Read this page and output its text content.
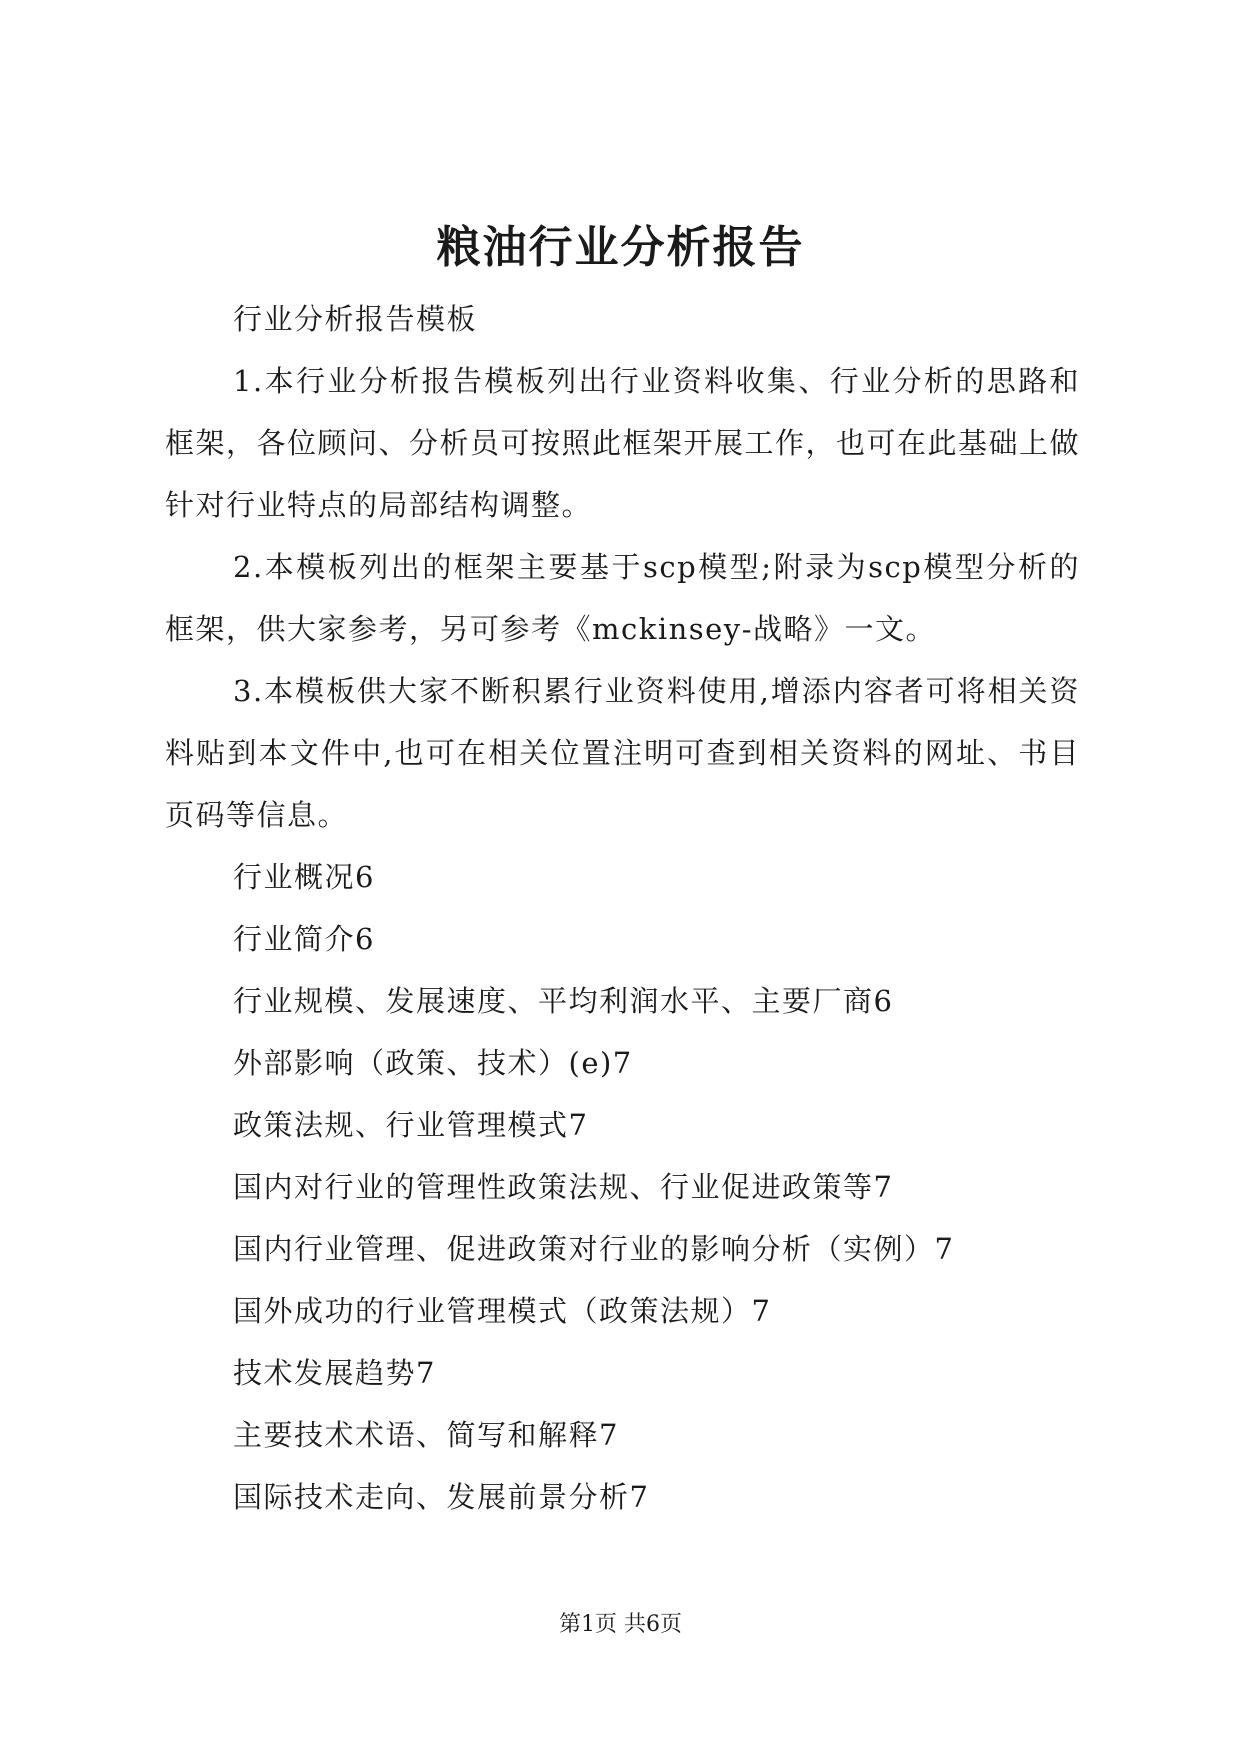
粮油行业分析报告

行业分析报告模板

1.本行业分析报告模板列出行业资料收集、行业分析的思路和框架，各位顾问、分析员可按照此框架开展工作，也可在此基础上做针对行业特点的局部结构调整。

2.本模板列出的框架主要基于scp模型;附录为scp模型分析的框架，供大家参考，另可参考《mckinsey-战略》一文。

3.本模板供大家不断积累行业资料使用,增添内容者可将相关资料贴到本文件中,也可在相关位置注明可查到相关资料的网址、书目页码等信息。

行业概况6

行业简介6

行业规模、发展速度、平均利润水平、主要厂商6

外部影响（政策、技术）(e)7

政策法规、行业管理模式7

国内对行业的管理性政策法规、行业促进政策等7

国内行业管理、促进政策对行业的影响分析（实例）7

国外成功的行业管理模式（政策法规）7

技术发展趋势7

主要技术术语、简写和解释7

国际技术走向、发展前景分析7

第1页 共6页
